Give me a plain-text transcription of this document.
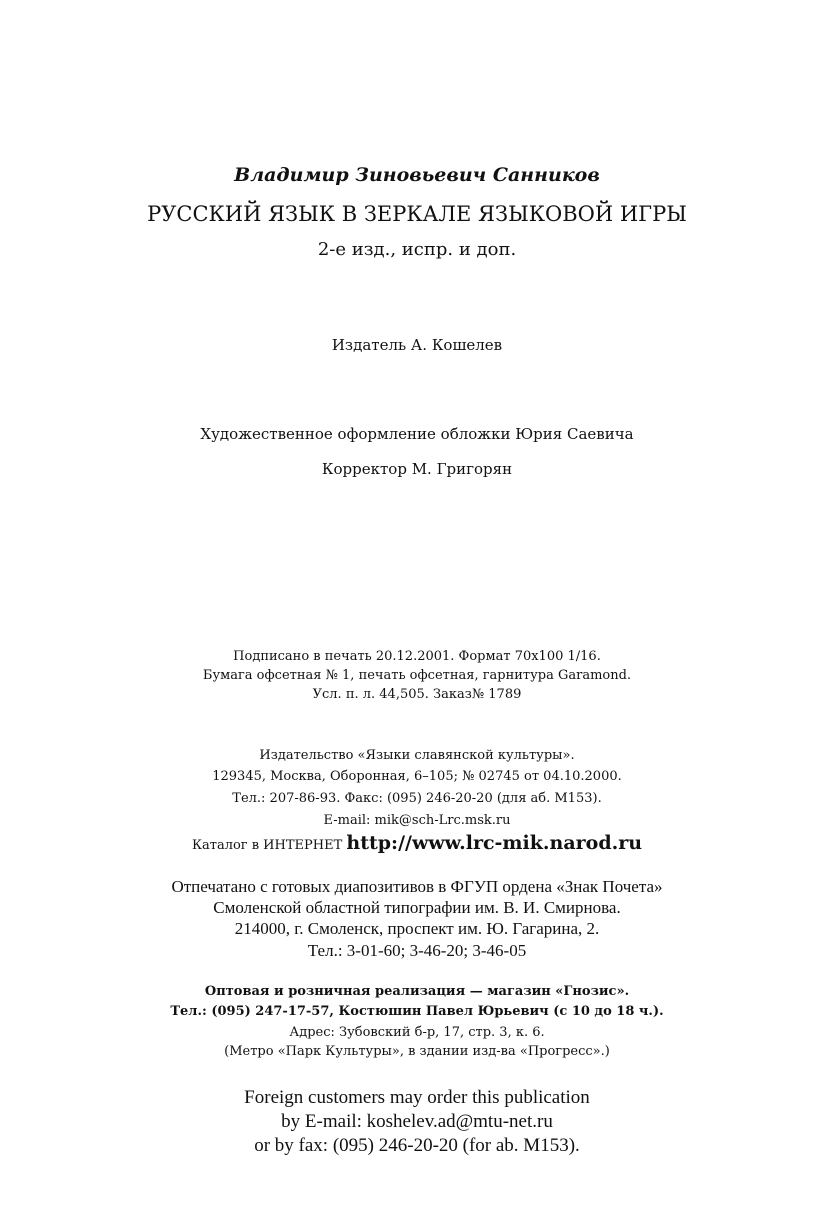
Владимир Зиновьевич Санников
РУССКИЙ ЯЗЫК В ЗЕРКАЛЕ ЯЗЫКОВОЙ ИГРЫ
2-е изд., испр. и доп.
Издатель А. Кошелев
Художественное оформление обложки Юрия Саевича
Корректор М. Григорян
Подписано в печать 20.12.2001. Формат 70x100 1/16.
Бумага офсетная № 1, печать офсетная, гарнитура Garamond.
Усл. п. л. 44,505. Заказ№ 1789
Издательство «Языки славянской культуры».
129345, Москва, Оборонная, 6–105; № 02745 от 04.10.2000.
Тел.: 207-86-93. Факс: (095) 246-20-20 (для аб. М153).
E-mail: mik@sch-Lrc.msk.ru
Каталог в ИНТЕРНЕТ http://www.lrc-mik.narod.ru
Отпечатано с готовых диапозитивов в ФГУП ордена «Знак Почета»
Смоленской областной типографии им. В. И. Смирнова.
214000, г. Смоленск, проспект им. Ю. Гагарина, 2.
Тел.: 3-01-60; 3-46-20; 3-46-05
Оптовая и розничная реализация — магазин «Гнозис».
Тел.: (095) 247-17-57, Костюшин Павел Юрьевич (с 10 до 18 ч.).
Адрес: Зубовский б-р, 17, стр. 3, к. 6.
(Метро «Парк Культуры», в здании изд-ва «Прогресс».)
Foreign customers may order this publication
by E-mail: koshelev.ad@mtu-net.ru
or by fax: (095) 246-20-20 (for ab. M153).
